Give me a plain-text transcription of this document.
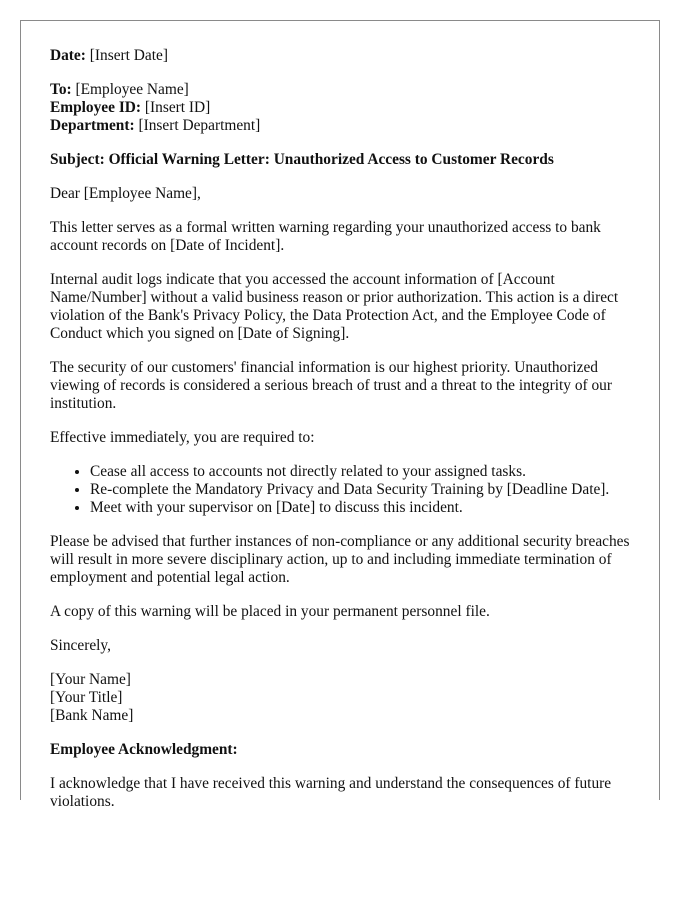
Date: [Insert Date]
To: [Employee Name]
Employee ID: [Insert ID]
Department: [Insert Department]
Subject: Official Warning Letter: Unauthorized Access to Customer Records
Dear [Employee Name],
This letter serves as a formal written warning regarding your unauthorized access to bank account records on [Date of Incident].
Internal audit logs indicate that you accessed the account information of [Account Name/Number] without a valid business reason or prior authorization. This action is a direct violation of the Bank's Privacy Policy, the Data Protection Act, and the Employee Code of Conduct which you signed on [Date of Signing].
The security of our customers' financial information is our highest priority. Unauthorized viewing of records is considered a serious breach of trust and a threat to the integrity of our institution.
Effective immediately, you are required to:
• Cease all access to accounts not directly related to your assigned tasks.
• Re-complete the Mandatory Privacy and Data Security Training by [Deadline Date].
• Meet with your supervisor on [Date] to discuss this incident.
Please be advised that further instances of non-compliance or any additional security breaches will result in more severe disciplinary action, up to and including immediate termination of employment and potential legal action.
A copy of this warning will be placed in your permanent personnel file.
Sincerely,
[Your Name]
[Your Title]
[Bank Name]
Employee Acknowledgment:
I acknowledge that I have received this warning and understand the consequences of future violations.
